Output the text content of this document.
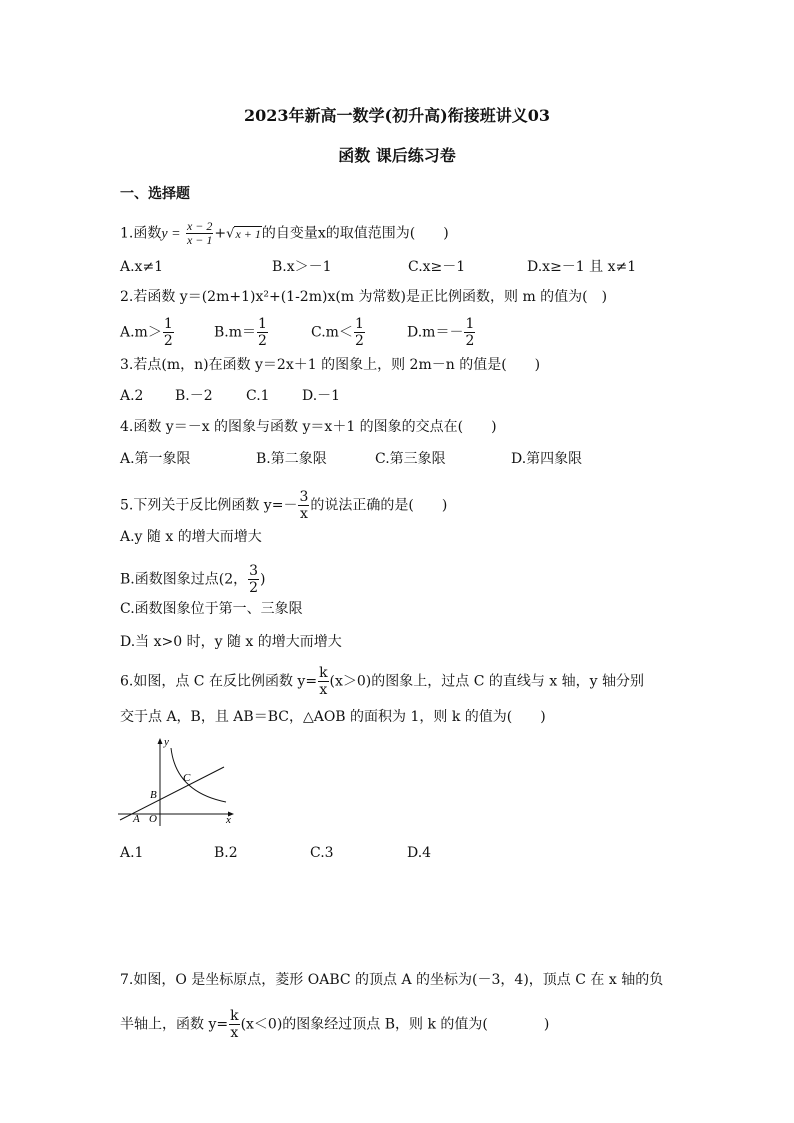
2023年新高一数学(初升高)衔接班讲义03
函数 课后练习卷
一、选择题
1.函数$y = \frac{x - 2}{x - 1} +√x + 1$的自变量x的取值范围为(　　)
A.x≠1	B.x＞－1	C.x≥－1	D.x≥－1 且 x≠1
2.若函数 y＝(2m+1)x²+(1-2m)x(m 为常数)是正比例函数，则 m 的值为(　)
$A.m> \frac{1}{2}$	$B.m= \frac{1}{2}$	$C.m< \frac{1}{2}$	$D.m=- \frac{1}{2}$
3.若点(m，n)在函数 y＝2x＋1 的图象上，则 2m－n 的值是(　　)
A.2 B.－2 C.1 D.－1
4.函数 y＝－x 的图象与函数 y＝x＋1 的图象的交点在(　　)
A.第一象限	B.第二象限	C.第三象限	D.第四象限
5.下列关于反比例函数 $y=- \frac{3}{x}$ 的说法正确的是(　　)
A.y 随 x 的增大而增大
B.函数图象过点(2， $\frac{3}{2}$ )
C.函数图象位于第一、三象限
D.当 x>0 时，y 随 x 的增大而增大
6.如图，点 C 在反比例函数 $y= \frac{k}{x} (x>0)$的图象上，过点 C 的直线与 x 轴，y 轴分别
交于点 A，B，且 AB＝BC，△AOB 的面积为 1，则 k 的值为(　　)
y
x
A O
B
C
A.1	B.2	C.3	D.4
7.如图，O 是坐标原点，菱形 OABC 的顶点 A 的坐标为(－3，4)，顶点 C 在 x 轴的负
半轴上，函数 $y= \frac{k}{x} (x<0)$的图象经过顶点 B，则 k 的值为(　　　　)
